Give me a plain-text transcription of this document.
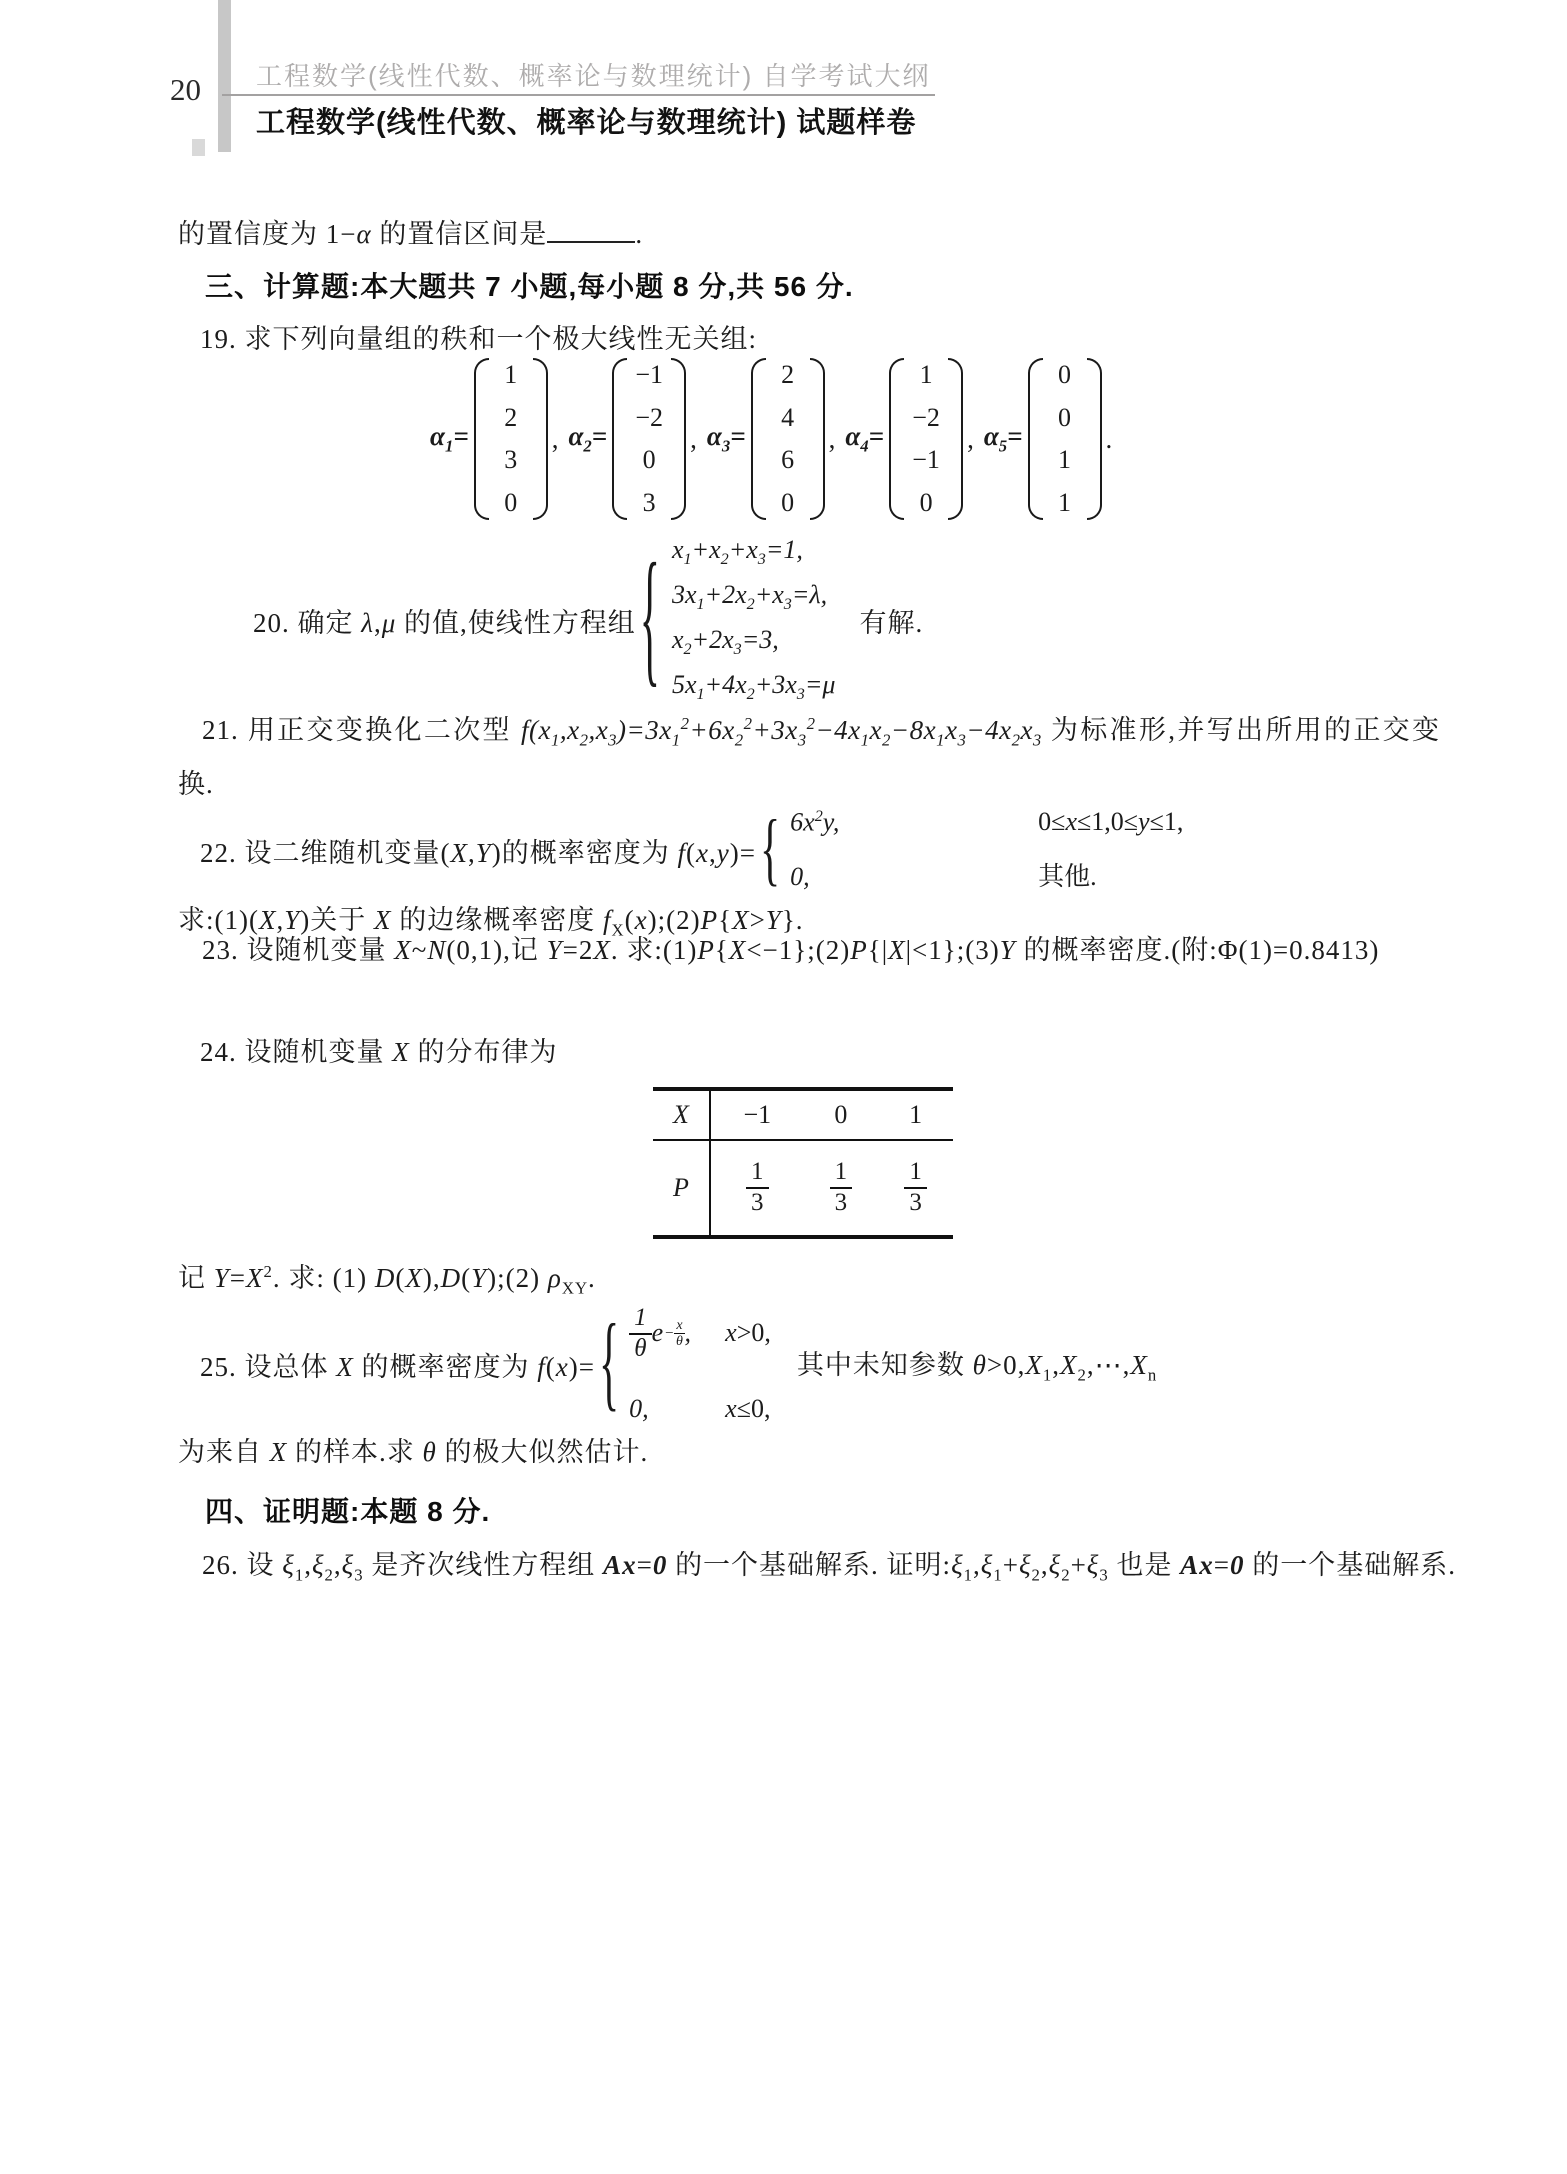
20 工程数学(线性代数、概率论与数理统计) 自学考试大纲
工程数学(线性代数、概率论与数理统计) 试题样卷
的置信度为 1−α 的置信区间是	.
三、计算题:本大题共 7 小题,每小题 8 分,共 56 分.
19. 求下列向量组的秩和一个极大线性无关组:
$\alpha_1=$
1
2
3
0
, $\alpha_2=$
−1
−2
0
3
, $\alpha_3=$
2
4
6
0
, $\alpha_4=$
1
−2
−1
0
, $\alpha_5=$
0
0
1
1
.
20. 确定 λ,μ 的值,使线性方程组 { $x_1+x_2+x_3=1$,
$3x_1+2x_2+x_3=\lambda$,
$x_2+2x_3=3$,
$5x_1+4x_2+3x_3=\mu$
有解.

21. 用正交变换化二次型 $f(x_1,x_2,x_3)=3x_1^2+6x_2^2+3x_3^2-4x_1x_2-8x_1x_3-4x_2x_3$ 为标准形,并写出所用的正交变换.

22. 设二维随机变量(X,Y)的概率密度为 f(x,y)= { $6x^2y$,	0≤x≤1,0≤y≤1,
0,	其他.
求:(1)(X,Y)关于 X 的边缘概率密度 $f_X(x);(2)P\{X>Y\}$.

23. 设随机变量 X~N(0,1),记 Y=2X. 求:(1)P{X<−1};(2)P{|X|<1};(3)Y 的概率密度.(附:Φ(1)=0.8413)

24. 设随机变量 X 的分布律为
X	−1	0	1
P	$\frac{1}{3}$	$\frac{1}{3}$	$\frac{1}{3}$
记 $Y=X^2$. 求: (1) D(X),D(Y);(2) $\rho_{XY}$.
25. 设总体 X 的概率密度为 f(x)= { $\frac{1}{\theta}$ $e - \frac{x}{\theta}$ , x>0,
0,	x≤0,
其中未知参数 $\theta>0,X_1,X_2,\cdots,X_n$
为来自 X 的样本.求 θ 的极大似然估计.
四、证明题:本题 8 分.

26. 设 $\xi_1,\xi_2,\xi_3$ 是齐次线性方程组 Ax=0 的一个基础解系. 证明$:\xi_1,\xi_1+\xi_2,\xi_2+\xi_3$ 也是 Ax=0 的一个基础解系.
